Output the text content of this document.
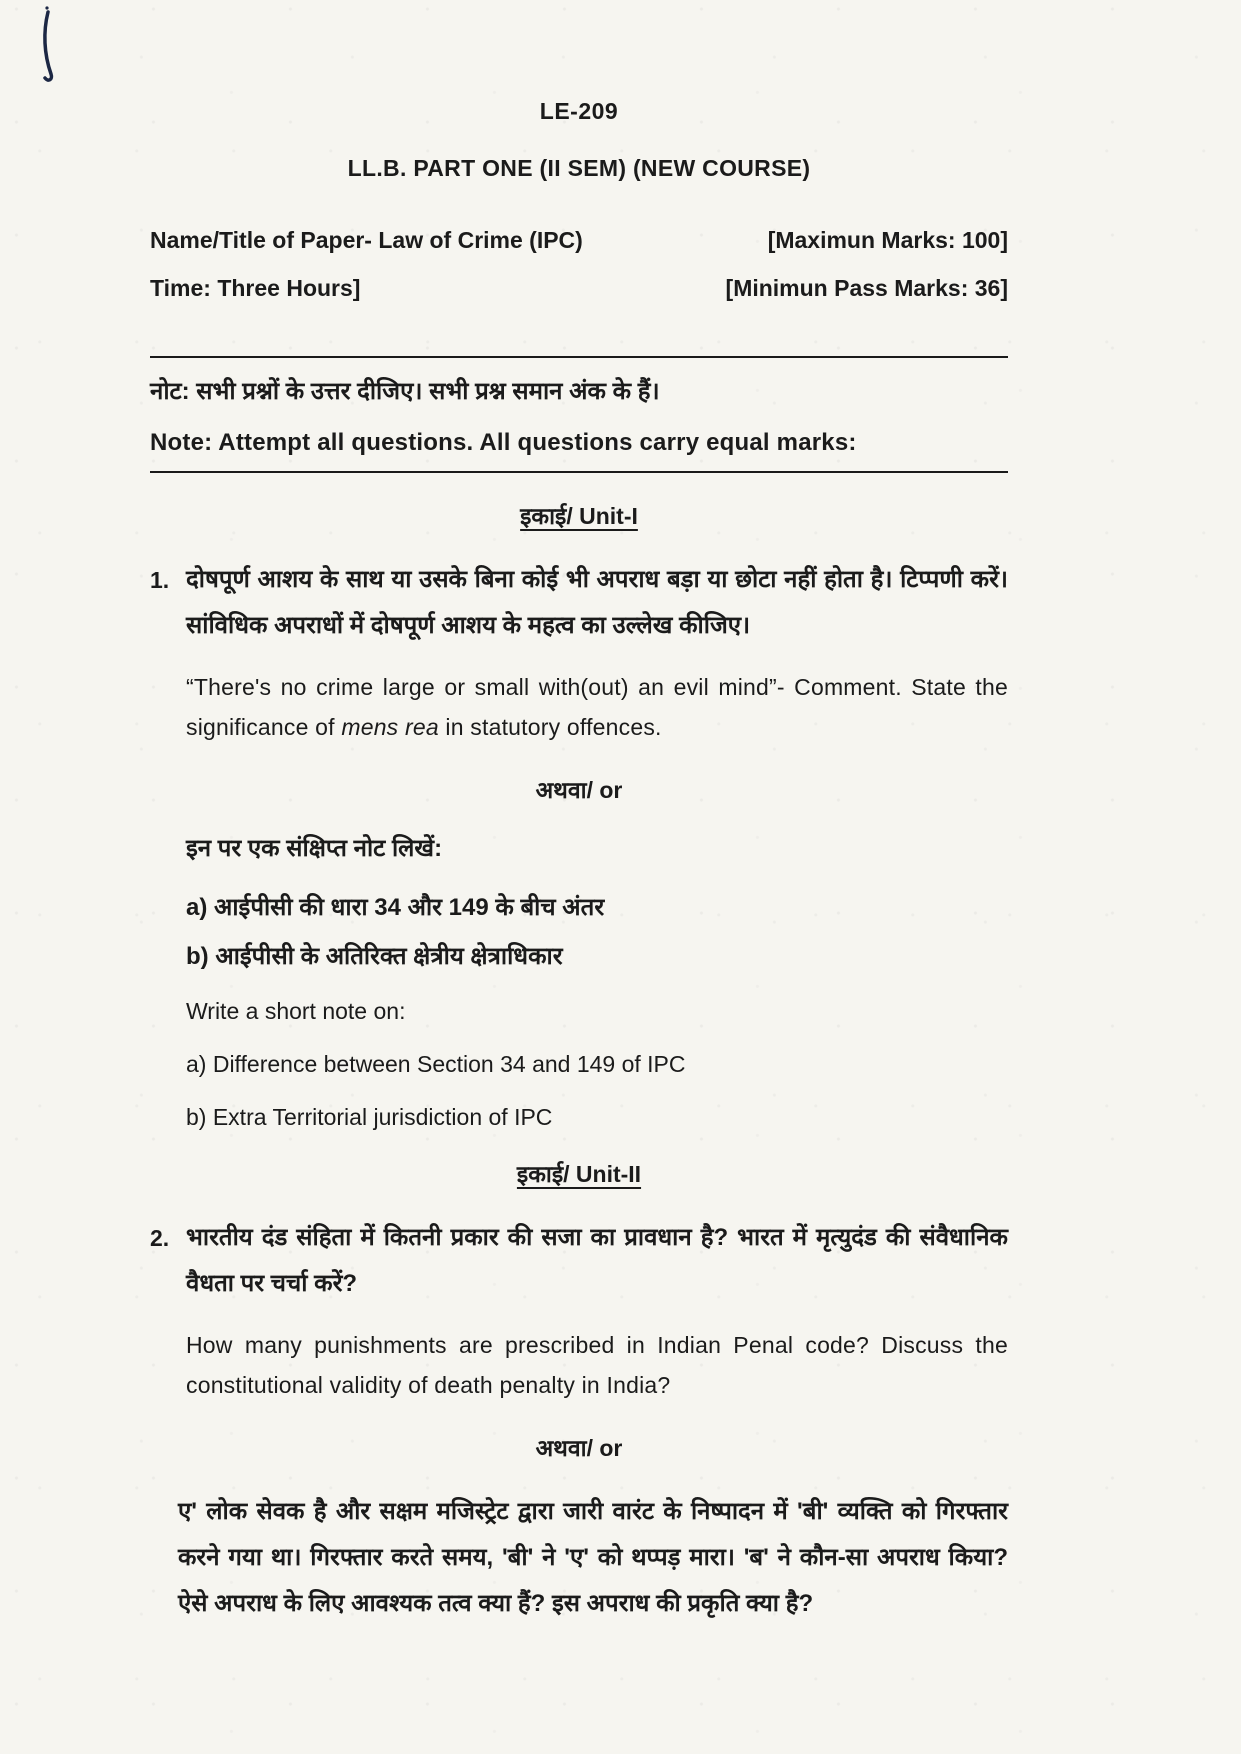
LE-209
LL.B. PART ONE (II SEM) (NEW COURSE)
Name/Title of Paper- Law of Crime (IPC)	[Maximun Marks: 100]
Time: Three Hours]	[Minimun Pass Marks: 36]
नोट: सभी प्रश्नों के उत्तर दीजिए। सभी प्रश्न समान अंक के हैं।
Note: Attempt all questions. All questions carry equal marks:
इकाई/ Unit-I
1. दोषपूर्ण आशय के साथ या उसके बिना कोई भी अपराध बड़ा या छोटा नहीं होता है। टिप्पणी करें। सांविधिक अपराधों में दोषपूर्ण आशय के महत्व का उल्लेख कीजिए।

“There's no crime large or small with(out) an evil mind”- Comment. State the significance of mens rea in statutory offences.

अथवा/ or
इन पर एक संक्षिप्त नोट लिखें:
a) आईपीसी की धारा 34 और 149 के बीच अंतर
b) आईपीसी के अतिरिक्त क्षेत्रीय क्षेत्राधिकार
Write a short note on:
a) Difference between Section 34 and 149 of IPC
b) Extra Territorial jurisdiction of IPC
इकाई/ Unit-II
2. भारतीय दंड संहिता में कितनी प्रकार की सजा का प्रावधान है? भारत में मृत्युदंड की संवैधानिक वैधता पर चर्चा करें?

How many punishments are prescribed in Indian Penal code? Discuss the constitutional validity of death penalty in India?

अथवा/ or

ए' लोक सेवक है और सक्षम मजिस्ट्रेट द्वारा जारी वारंट के निष्पादन में 'बी' व्यक्ति को गिरफ्तार करने गया था। गिरफ्तार करते समय, 'बी' ने 'ए' को थप्पड़ मारा। 'ब' ने कौन-सा अपराध किया? ऐसे अपराध के लिए आवश्यक तत्व क्या हैं? इस अपराध की प्रकृति क्या है?
